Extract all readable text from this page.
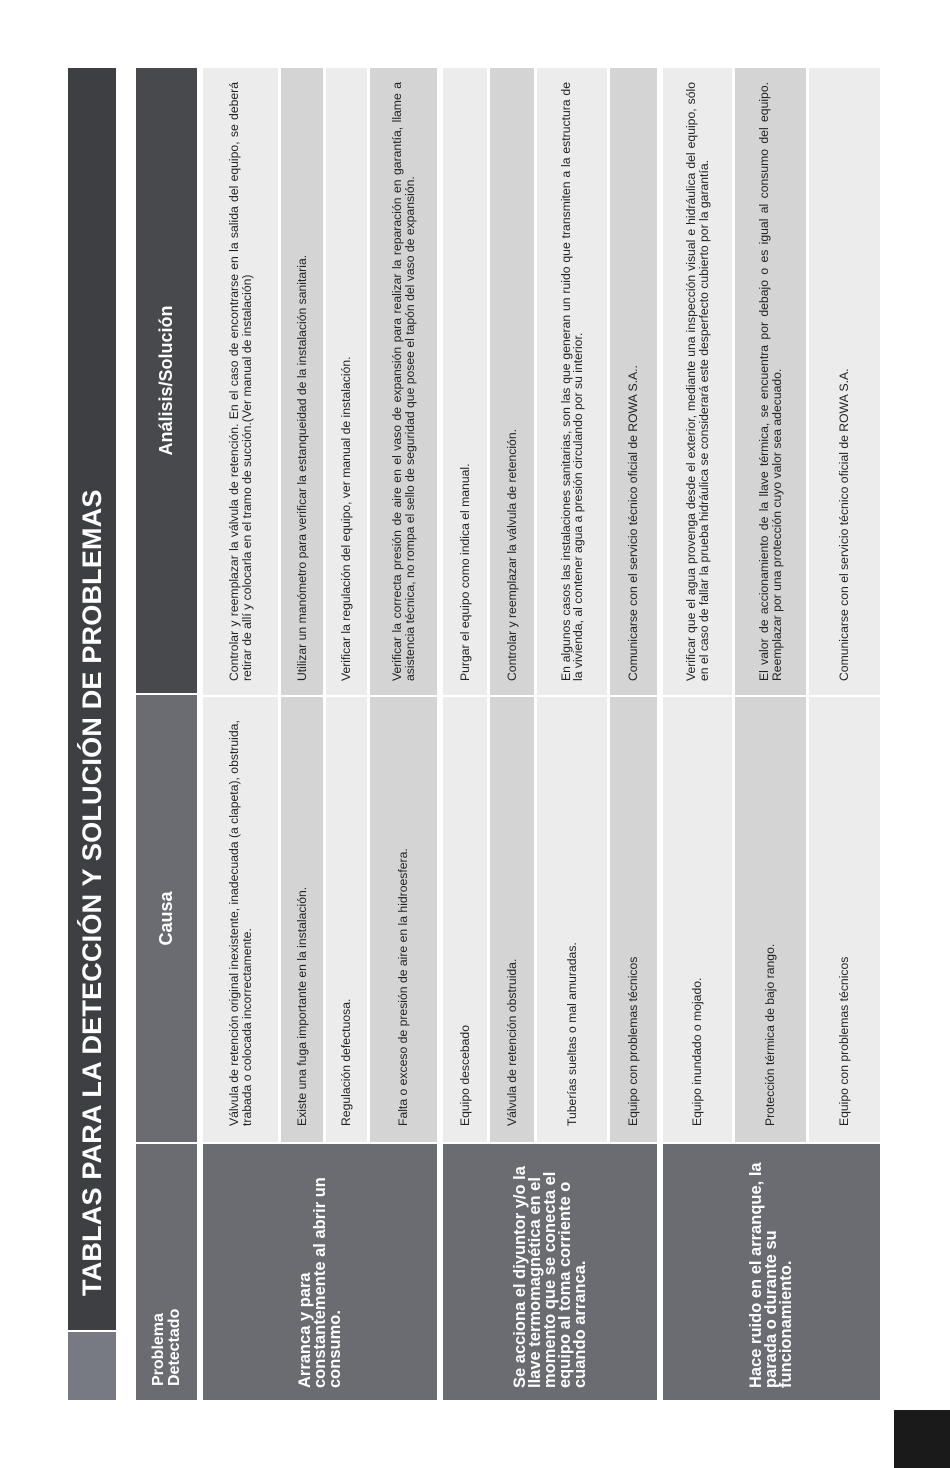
TABLAS PARA LA DETECCIÓN Y SOLUCIÓN DE PROBLEMAS
Problema Detectado
Causa
Análisis/Solución
Arranca y para constantemente al abrir un consumo.
Válvula de retención original inexistente, inadecuada (a clapeta), obstruida, trabada o colocada incorrectamente.
Controlar y reemplazar la válvula de retención. En el caso de encontrarse en la salida del equipo, se deberá retirar de allí y colocarla en el tramo de succión.(Ver manual de instalación)
Existe una fuga importante en la instalación.
Utilizar un manómetro para verificar la estanqueidad de la instalación sanitaria.
Regulación defectuosa.
Verificar la regulación del equipo, ver manual de instalación.
Falta o exceso de presión de aire en la hidroesfera.
Verificar la correcta presión de aire en el vaso de expansión para realizar la reparación en garantía, llame a asistencia técnica, no rompa el sello de seguridad que posee el tapón del vaso de expansión.
Se acciona el diyuntor y/o la llave termomagnética en el momento que se conecta el equipo al toma corriente o cuando arranca.
Equipo descebado
Purgar el equipo como indica el manual.
Válvula de retención obstruida.
Controlar y reemplazar la válvula de retención.
Tuberías sueltas o mal amuradas.
En algunos casos las instalaciones sanitarias, son las que generan un ruido que transmiten a la estructura de la vivienda, al contener agua a presión circulando por su interior.
Equipo con problemas técnicos
Comunicarse con el servicio técnico oficial de ROWA S.A..
Hace ruido en el arranque, la parada o durante su funcionamiento.
Equipo inundado o mojado.
Verificar que el agua provenga desde el exterior, mediante una inspección visual e hidráulica del equipo, sólo en el caso de fallar la prueba hidráulica se considerará este desperfecto cubierto por la garantía.
Protección térmica de bajo rango.
El valor de accionamiento de la llave térmica, se encuentra por debajo o es igual al consumo del equipo. Reemplazar por una protección cuyo valor sea adecuado.
Equipo con problemas técnicos
Comunicarse con el servicio técnico oficial de ROWA S.A.
